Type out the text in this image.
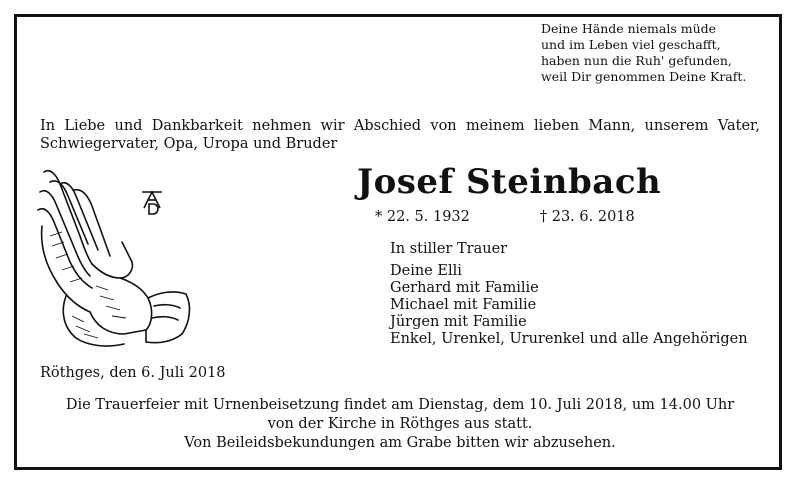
Deine Hände niemals müde
und im Leben viel geschafft,
haben nun die Ruh' gefunden,
weil Dir genommen Deine Kraft.
In Liebe und Dankbarkeit nehmen wir Abschied von meinem lieben Mann, unserem Vater, Schwiegervater, Opa, Uropa und Bruder
Josef Steinbach
* 22. 5. 1932	† 23. 6. 2018
In stiller Trauer
Deine Elli
Gerhard mit Familie
Michael mit Familie
Jürgen mit Familie
Enkel, Urenkel, Ururenkel und alle Angehörigen
Röthges, den 6. Juli 2018
Die Trauerfeier mit Urnenbeisetzung findet am Dienstag, dem 10. Juli 2018, um 14.00 Uhr
von der Kirche in Röthges aus statt.
Von Beileidsbekundungen am Grabe bitten wir abzusehen.
